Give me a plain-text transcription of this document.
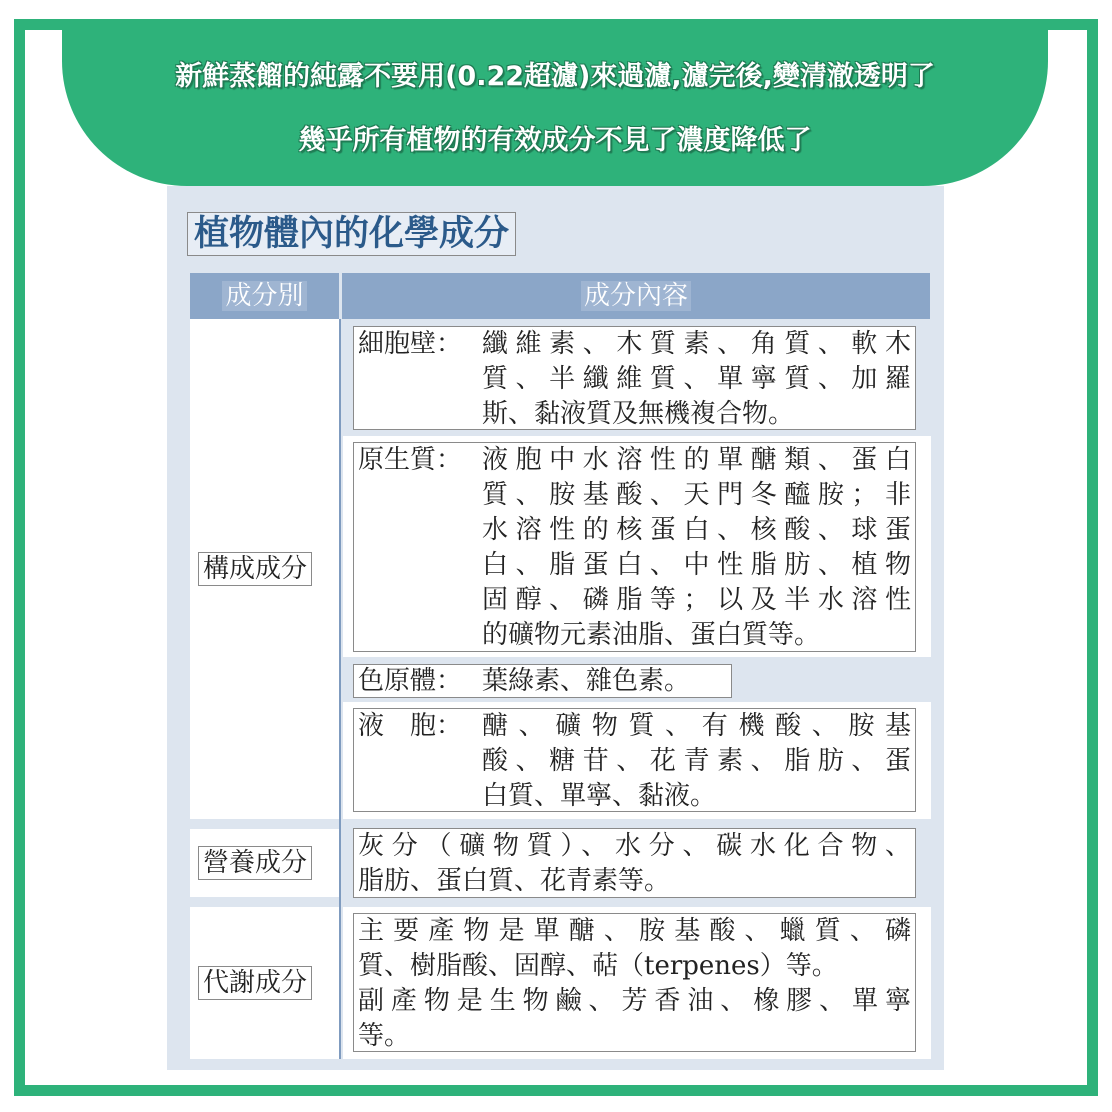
新鮮蒸餾的純露不要用(0.22超濾)來過濾,濾完後,變清澈透明了
幾乎所有植物的有效成分不見了濃度降低了
植物體內的化學成分
成分別	成分內容
構成成分
營養成分
代謝成分
細胞壁： 纖維素、木質素、角質、軟木
質、半纖維質、單寧質、加羅
斯、黏液質及無機複合物。
原生質： 液胞中水溶性的單醣類、蛋白
質、胺基酸、天門冬醯胺；非
水溶性的核蛋白、核酸、球蛋
白、脂蛋白、中性脂肪、植物
固醇、磷脂等；以及半水溶性
的礦物元素油脂、蛋白質等。
色原體： 葉綠素、雜色素。
液　胞： 醣、礦物質、有機酸、胺基
酸、糖苷、花青素、脂肪、蛋
白質、單寧、黏液。
灰分（礦物質）、水分、碳水化合物、
脂肪、蛋白質、花青素等。
主要產物是單醣、胺基酸、蠟質、磷
質、樹脂酸、固醇、萜（terpenes）等。
副產物是生物鹼、芳香油、橡膠、單寧
等。
